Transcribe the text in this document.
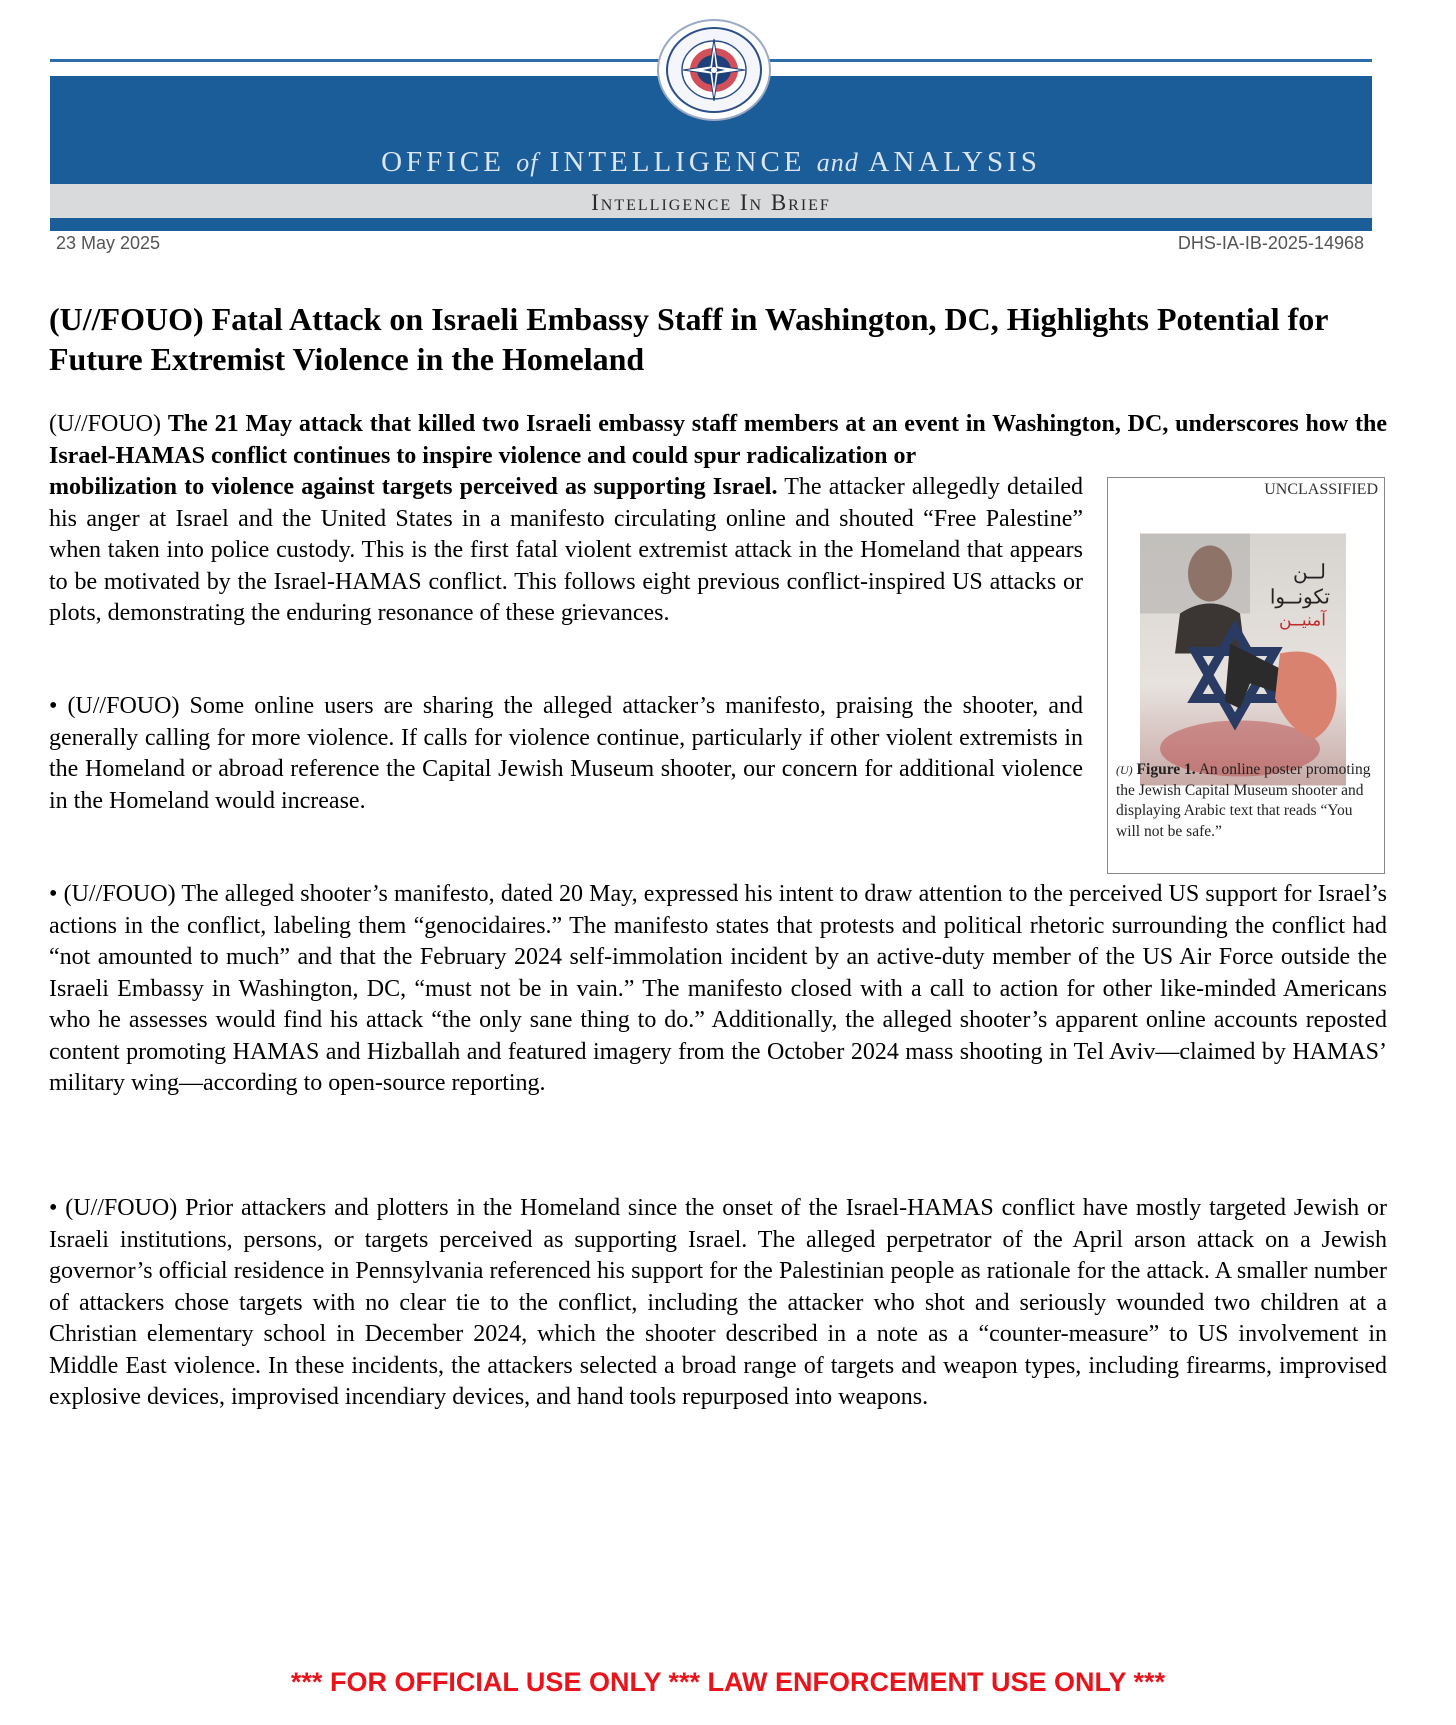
OFFICE of INTELLIGENCE and ANALYSIS
Intelligence In Brief
23 May 2025	DHS-IA-IB-2025-14968
(U//FOUO) Fatal Attack on Israeli Embassy Staff in Washington, DC, Highlights Potential for Future Extremist Violence in the Homeland
(U//FOUO) The 21 May attack that killed two Israeli embassy staff members at an event in Washington, DC, underscores how the Israel-HAMAS conflict continues to inspire violence and could spur radicalization or
mobilization to violence against targets perceived as supporting Israel. The attacker allegedly detailed his anger at Israel and the United States in a manifesto circulating online and shouted “Free Palestine” when taken into police custody. This is the first fatal violent extremist attack in the Homeland that appears to be motivated by the Israel-HAMAS conflict. This follows eight previous conflict-inspired US attacks or plots, demonstrating the enduring resonance of these grievances.
UNCLASSIFIED
لــن
تكونــوا
آمنيــن
(U) Figure 1. An online poster promoting the Jewish Capital Museum shooter and displaying Arabic text that reads “You will not be safe.”
• (U//FOUO) Some online users are sharing the alleged attacker’s manifesto, praising the shooter, and generally calling for more violence. If calls for violence continue, particularly if other violent extremists in the Homeland or abroad reference the Capital Jewish Museum shooter, our concern for additional violence in the Homeland would increase.
• (U//FOUO) The alleged shooter’s manifesto, dated 20 May, expressed his intent to draw attention to the perceived US support for Israel’s actions in the conflict, labeling them “genocidaires.” The manifesto states that protests and political rhetoric surrounding the conflict had “not amounted to much” and that the February 2024 self-immolation incident by an active-duty member of the US Air Force outside the Israeli Embassy in Washington, DC, “must not be in vain.” The manifesto closed with a call to action for other like-minded Americans who he assesses would find his attack “the only sane thing to do.” Additionally, the alleged shooter’s apparent online accounts reposted content promoting HAMAS and Hizballah and featured imagery from the October 2024 mass shooting in Tel Aviv—claimed by HAMAS’ military wing—according to open-source reporting.
• (U//FOUO) Prior attackers and plotters in the Homeland since the onset of the Israel-HAMAS conflict have mostly targeted Jewish or Israeli institutions, persons, or targets perceived as supporting Israel. The alleged perpetrator of the April arson attack on a Jewish governor’s official residence in Pennsylvania referenced his support for the Palestinian people as rationale for the attack. A smaller number of attackers chose targets with no clear tie to the conflict, including the attacker who shot and seriously wounded two children at a Christian elementary school in December 2024, which the shooter described in a note as a “counter-measure” to US involvement in Middle East violence. In these incidents, the attackers selected a broad range of targets and weapon types, including firearms, improvised explosive devices, improvised incendiary devices, and hand tools repurposed into weapons.
*** FOR OFFICIAL USE ONLY *** LAW ENFORCEMENT USE ONLY ***
